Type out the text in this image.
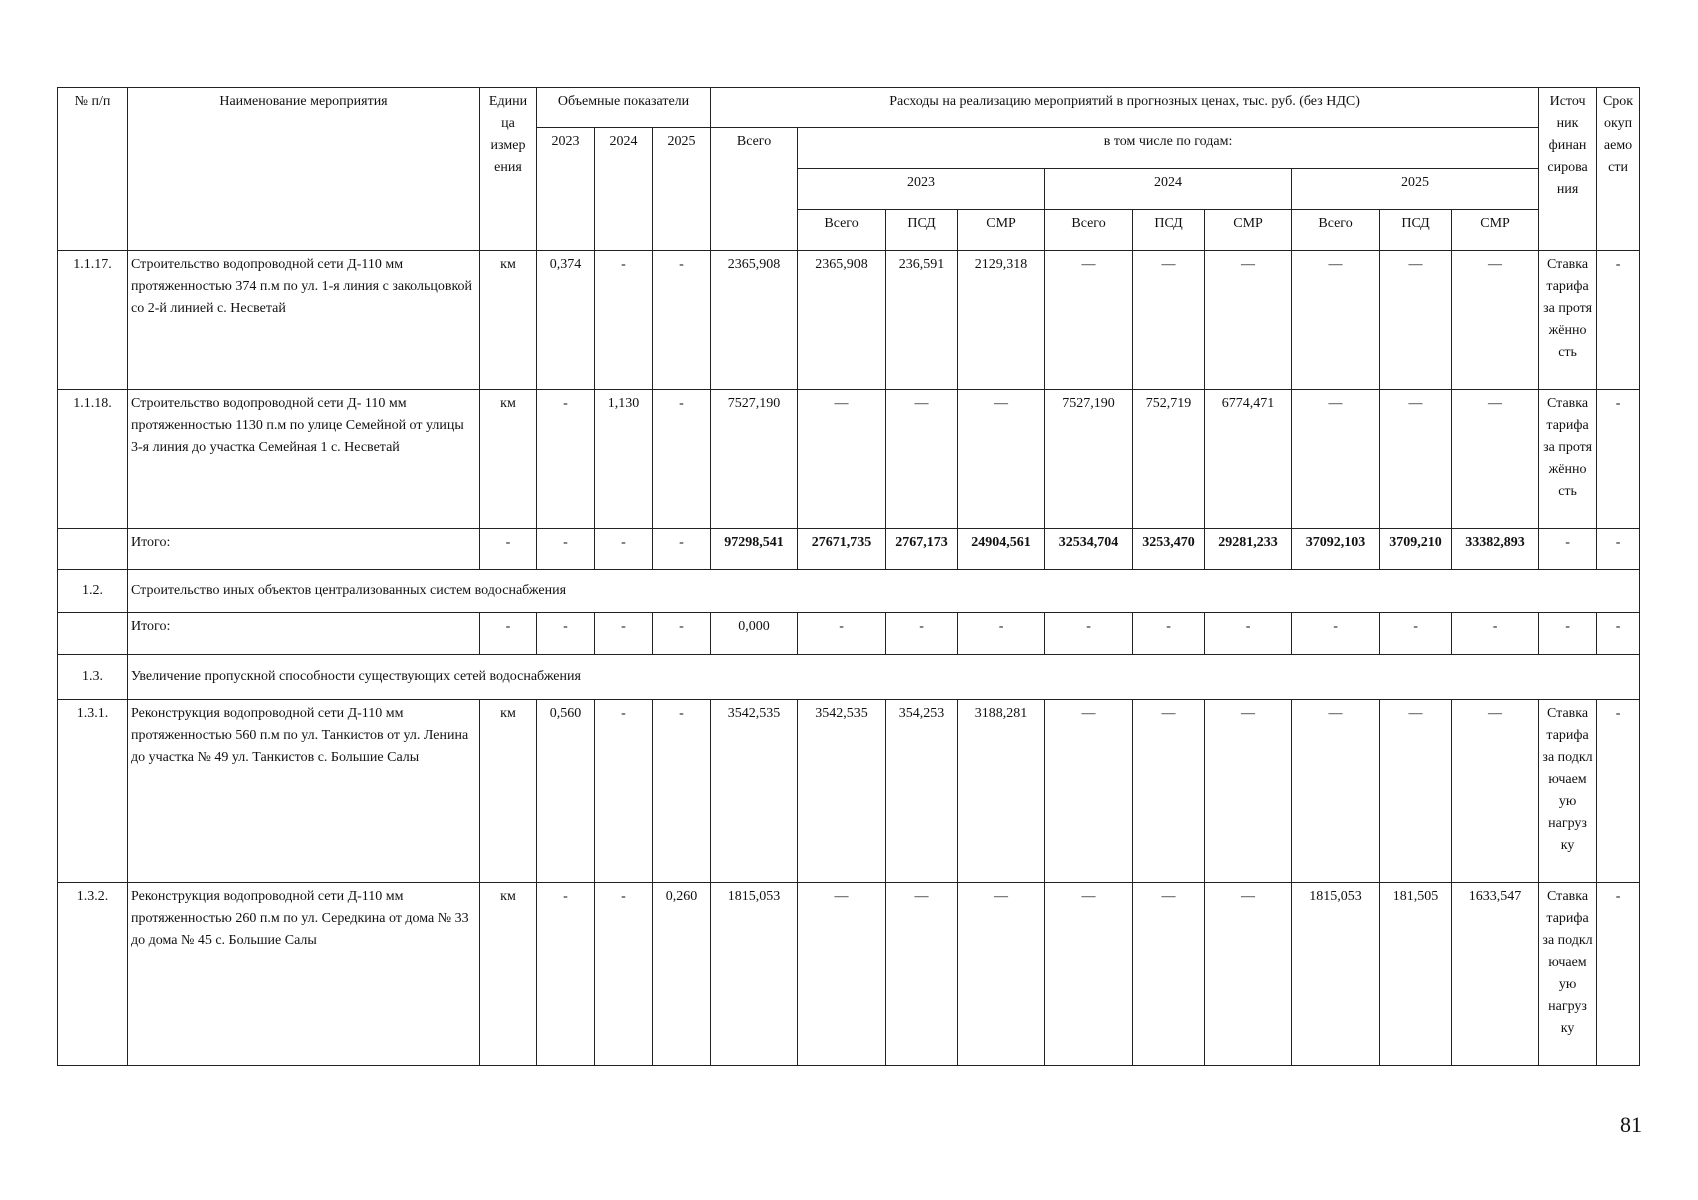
№ п/п	Наименование мероприятия	Едини ца измер ения	Объемные показатели			Расходы на реализацию мероприятий в прогнозных ценах, тыс. руб. (без НДС)										Источ ник финан сирова ния	Срок окуп аемо сти
			2023	2024	2025	Всего	в том числе по годам:										
							2023			2024			2025				
							Всего	ПСД	СМР	Всего	ПСД	СМР	Всего	ПСД	СМР		
1.1.17.	Строительство водопроводной сети Д-110 мм протяженностью 374 п.м по ул. 1-я линия с закольцовкой со 2-й линией с. Несветай	км	0,374	-	-	2365,908	2365,908	236,591	2129,318	—	—	—	—	—	—	Ставка тарифа за протя жённо сть	-
1.1.18.	Строительство водопроводной сети Д- 110 мм протяженностью 1130 п.м по улице Семейной от улицы 3-я линия до участка Семейная 1 с. Несветай	км	-	1,130	-	7527,190	—	—	—	7527,190	752,719	6774,471	—	—	—	Ставка тарифа за протя жённо сть	-
	Итого:	-	-	-	-	97298,541	27671,735	2767,173	24904,561	32534,704	3253,470	29281,233	37092,103	3709,210	33382,893	-	-
1.2.	Строительство иных объектов централизованных систем водоснабжения																
	Итого:	-	-	-	-	0,000	-	-	-	-	-	-	-	-	-	-	-
1.3.	Увеличение пропускной способности существующих сетей водоснабжения																
1.3.1.	Реконструкция водопроводной сети Д-110 мм протяженностью 560 п.м по ул. Танкистов от ул. Ленина до участка № 49 ул. Танкистов с. Большие Салы	км	0,560	-	-	3542,535	3542,535	354,253	3188,281	—	—	—	—	—	—	Ставка тарифа за подкл ючаем ую нагруз ку	-
1.3.2.	Реконструкция водопроводной сети Д-110 мм протяженностью 260 п.м по ул. Середкина от дома № 33 до дома № 45 с. Большие Салы	км	-	-	0,260	1815,053	—	—	—	—	—	—	1815,053	181,505	1633,547	Ставка тарифа за подкл ючаем ую нагруз ку	-
81
